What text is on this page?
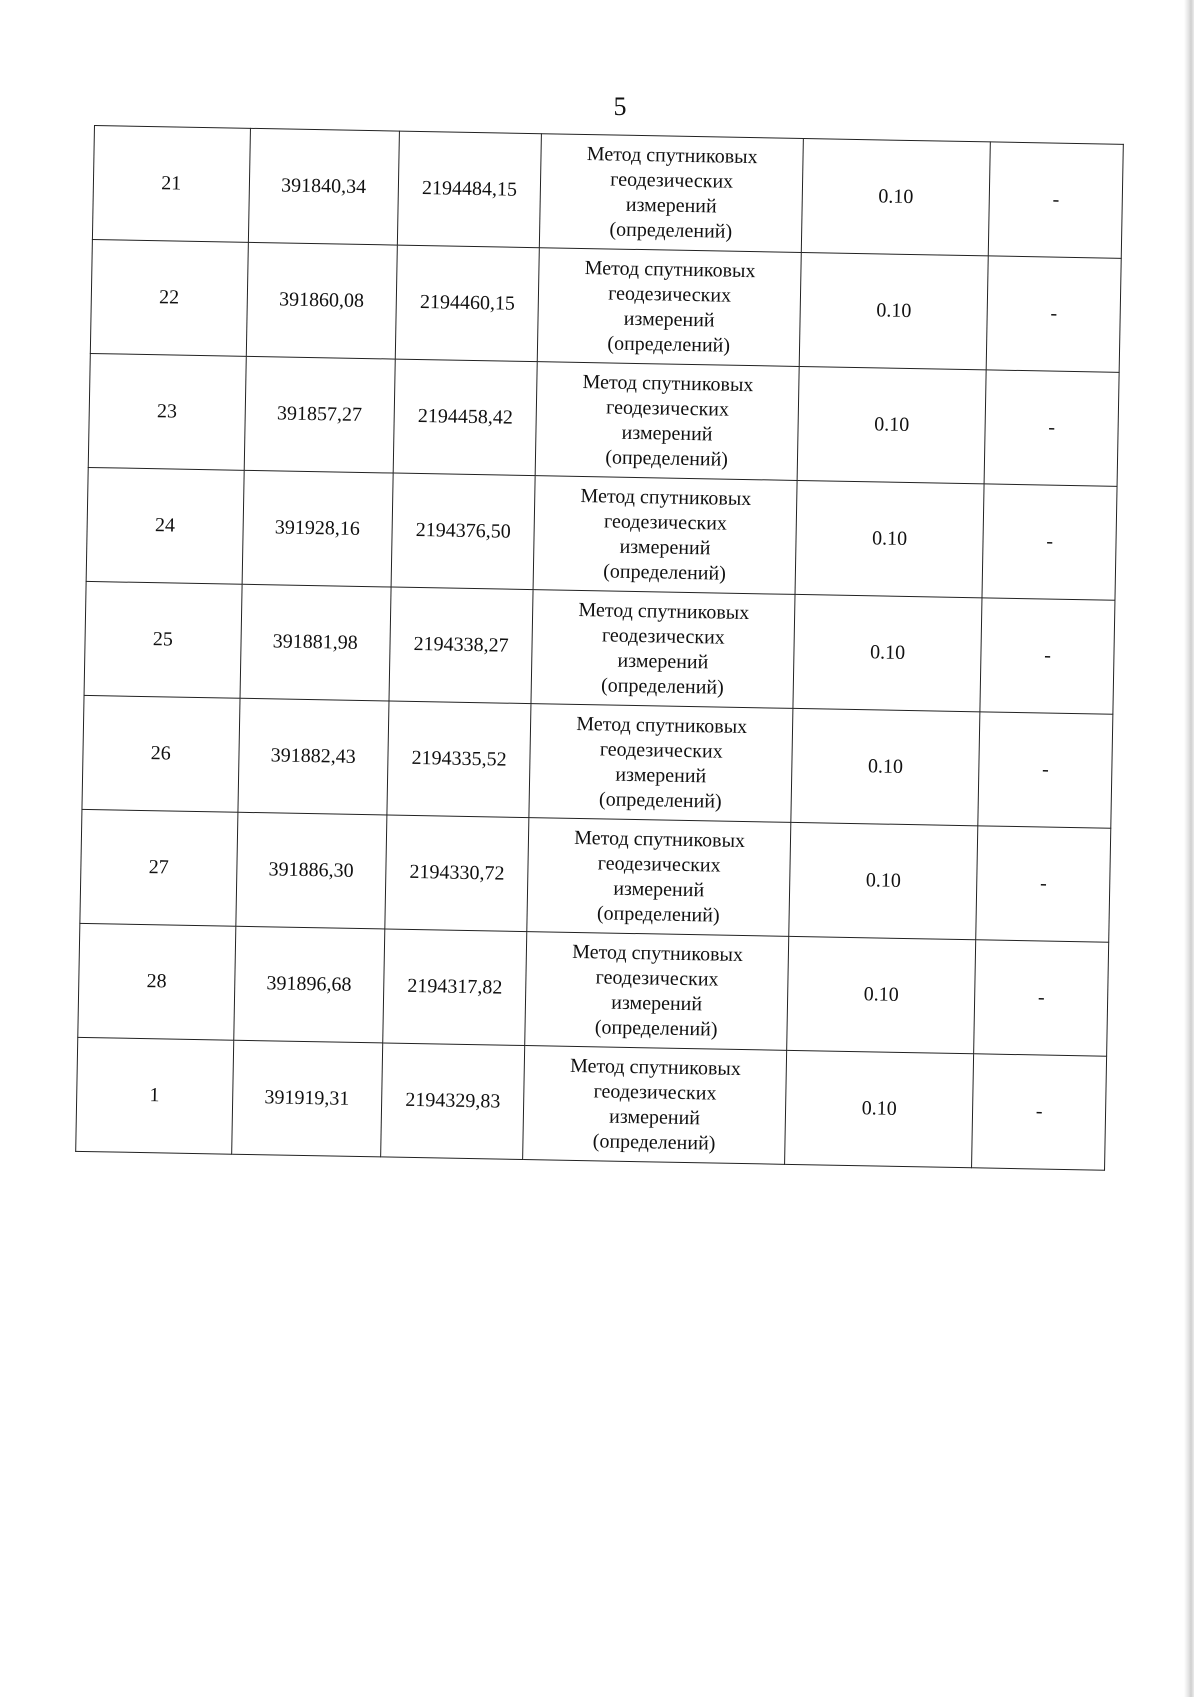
5
21	391840,34	2194484,15	Метод спутниковых
геодезических
измерений
(определений)	0.10	-
22	391860,08	2194460,15	Метод спутниковых
геодезических
измерений
(определений)	0.10	-
23	391857,27	2194458,42	Метод спутниковых
геодезических
измерений
(определений)	0.10	-
24	391928,16	2194376,50	Метод спутниковых
геодезических
измерений
(определений)	0.10	-
25	391881,98	2194338,27	Метод спутниковых
геодезических
измерений
(определений)	0.10	-
26	391882,43	2194335,52	Метод спутниковых
геодезических
измерений
(определений)	0.10	-
27	391886,30	2194330,72	Метод спутниковых
геодезических
измерений
(определений)	0.10	-
28	391896,68	2194317,82	Метод спутниковых
геодезических
измерений
(определений)	0.10	-
1	391919,31	2194329,83	Метод спутниковых
геодезических
измерений
(определений)	0.10	-
